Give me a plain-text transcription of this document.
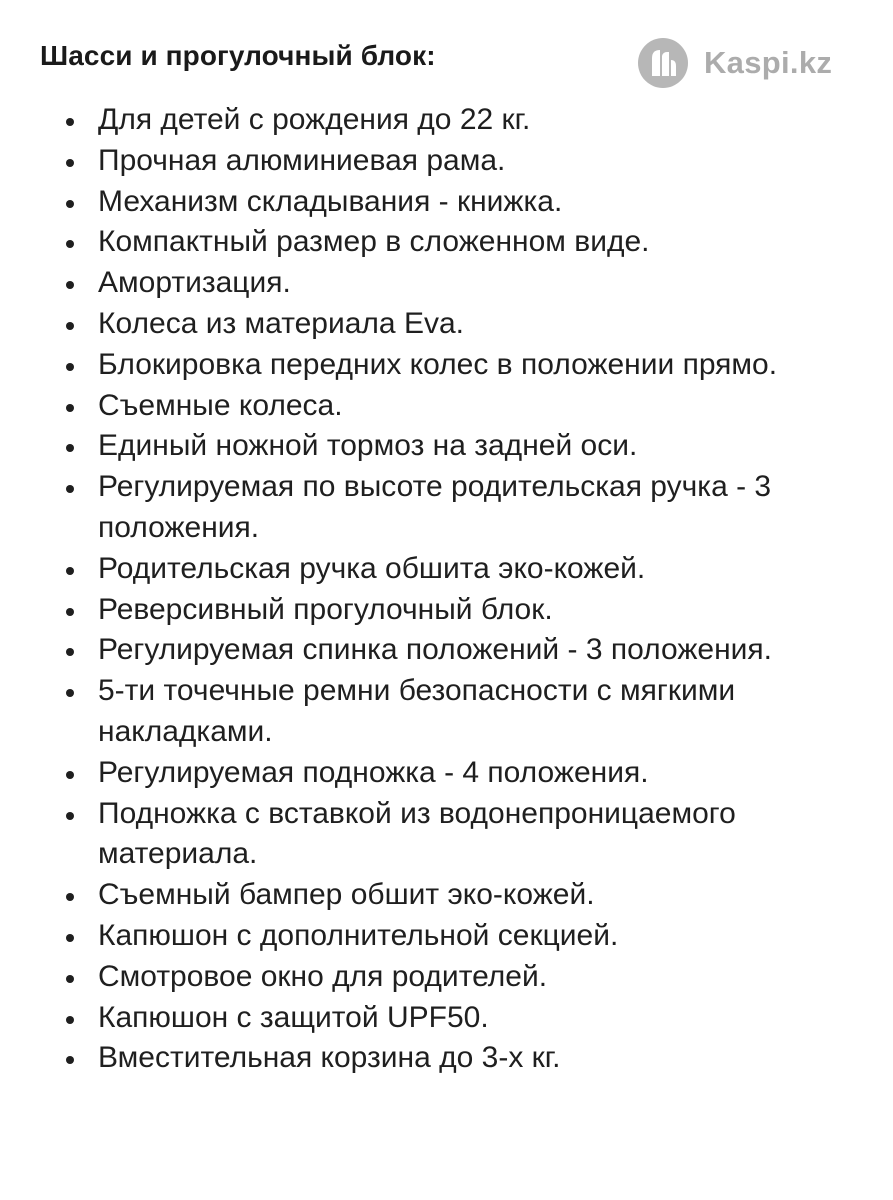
Шасси и прогулочный блок:	Kaspi.kz
Для детей с рождения до 22 кг.
Прочная алюминиевая рама.
Механизм складывания - книжка.
Компактный размер в сложенном виде.
Амортизация.
Колеса из материала Eva.
Блокировка передних колес в положении прямо.
Съемные колеса.
Единый ножной тормоз на задней оси.
Регулируемая по высоте родительская ручка - 3 положения.
Родительская ручка обшита эко-кожей.
Реверсивный прогулочный блок.
Регулируемая спинка положений - 3 положения.
5-ти точечные ремни безопасности с мягкими накладками.
Регулируемая подножка - 4 положения.
Подножка с вставкой из водонепроницаемого материала.
Съемный бампер обшит эко-кожей.
Капюшон с дополнительной секцией.
Смотровое окно для родителей.
Капюшон с защитой UPF50.
Вместительная корзина до 3-х кг.
